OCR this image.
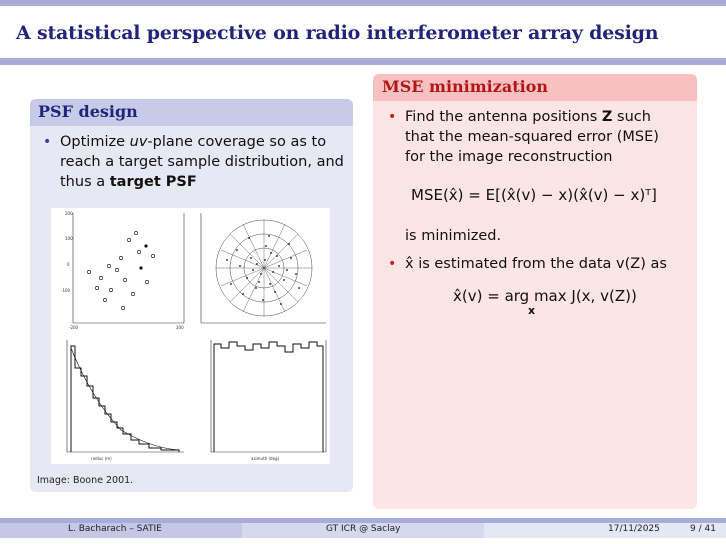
A statistical perspective on radio interferometer array design
PSF design
• Optimize uv-plane coverage so as to reach a target sample distribution, and thus a target PSF
200
100
0
-100
-200	200
radius (m)	azimuth (deg)
Image: Boone 2001.
MSE minimization
• Find the antenna positions Z such
that the mean-squared error (MSE)
for the image reconstruction
MSE(x̂) = E[(x̂(v) − x)(x̂(v) − x)ᵀ]
is minimized.
• x̂ is estimated from the data v(Z) as
x̂(v) = arg max J(x, v(Z))
x
L. Bacharach – SATIE	GT ICR @ Saclay	17/11/2025	9 / 41
